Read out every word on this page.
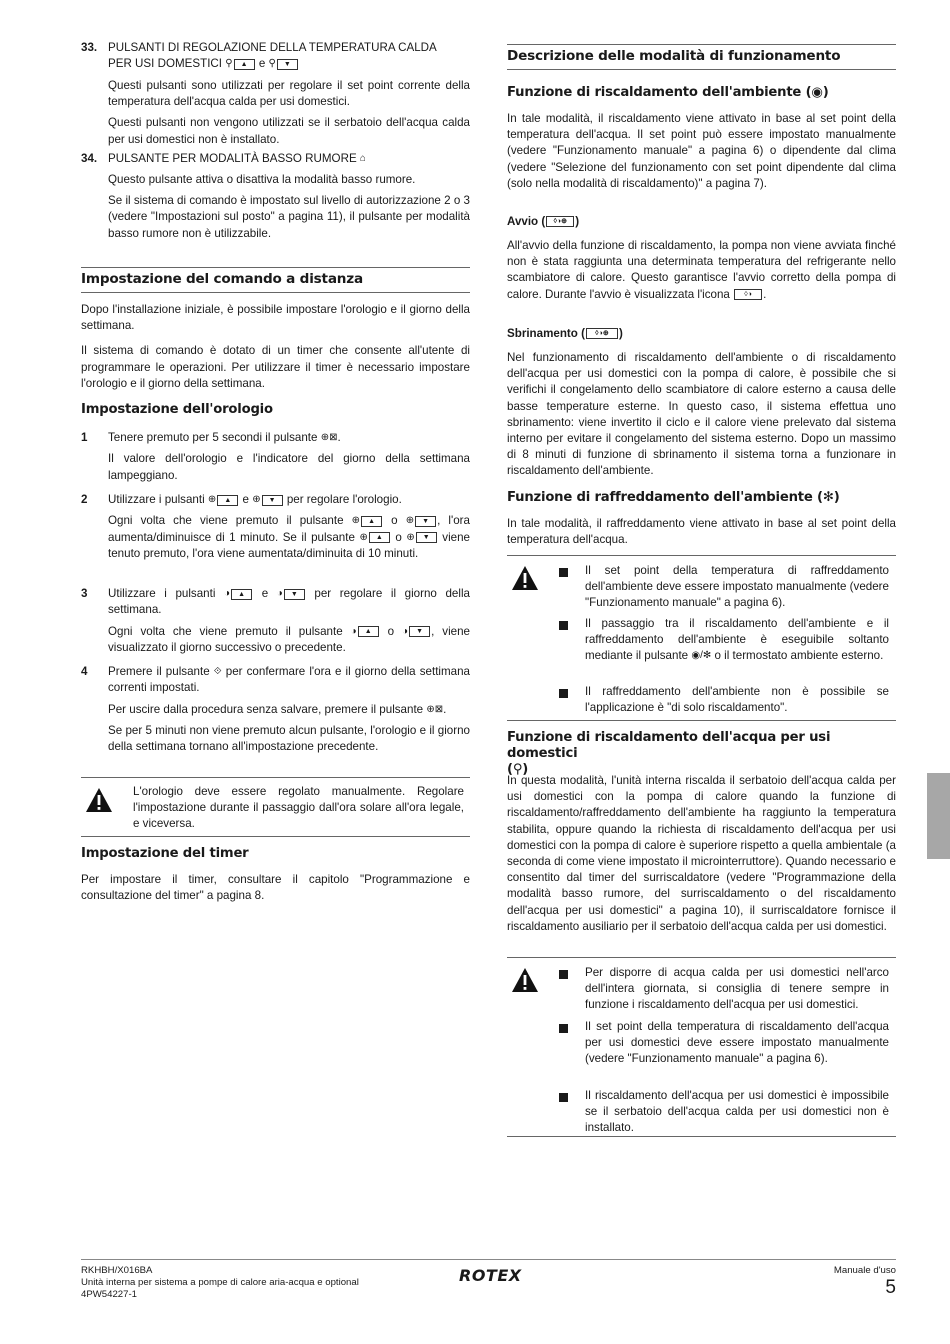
33. PULSANTI DI REGOLAZIONE DELLA TEMPERATURA CALDA
PER USI DOMESTICI ⚲ ▲ e ⚲ ▼

Questi pulsanti sono utilizzati per regolare il set point corrente della temperatura dell'acqua calda per usi domestici.

Questi pulsanti non vengono utilizzati se il serbatoio dell'acqua calda per usi domestici non è installato.

34. PULSANTE PER MODALITÀ BASSO RUMORE ⌂

Questo pulsante attiva o disattiva la modalità basso rumore.

Se il sistema di comando è impostato sul livello di autorizzazione 2 o 3 (vedere "Impostazioni sul posto" a pagina 11), il pulsante per modalità basso rumore non è utilizzabile.

Impostazione del comando a distanza

Dopo l'installazione iniziale, è possibile impostare l'orologio e il giorno della settimana.

Il sistema di comando è dotato di un timer che consente all'utente di programmare le operazioni. Per utilizzare il timer è necessario impostare l'orologio e il giorno della settimana.

Impostazione dell'orologio
1 Tenere premuto per 5 secondi il pulsante ⊕⊠.

Il valore dell'orologio e l'indicatore del giorno della settimana lampeggiano.

2 Utilizzare i pulsanti ⊕ ▲ e ⊕ ▼ per regolare l'orologio.

Ogni volta che viene premuto il pulsante ⊕ ▲ o ⊕ ▼ , l'ora aumenta/diminuisce di 1 minuto. Se il pulsante ⊕ ▲ o ⊕ ▼ viene tenuto premuto, l'ora viene aumentata/diminuita di 10 minuti.

3 Utilizzare i pulsanti ◑ ▲ e ◑ ▼ per regolare il giorno della settimana.

Ogni volta che viene premuto il pulsante ◑ ▲ o ◑ ▼ , viene visualizzato il giorno successivo o precedente.

4 Premere il pulsante ⟐ per confermare l'ora e il giorno della settimana correnti impostati.

Per uscire dalla procedura senza salvare, premere il pulsante ⊕⊠.

Se per 5 minuti non viene premuto alcun pulsante, l'orologio e il giorno della settimana tornano all'impostazione precedente.

L'orologio deve essere regolato manualmente. Regolare l'impostazione durante il passaggio dall'ora solare all'ora legale, e viceversa.

Impostazione del timer

Per impostare il timer, consultare il capitolo "Programmazione e consultazione del timer" a pagina 8.

Descrizione delle modalità di funzionamento
Funzione di riscaldamento dell'ambiente (◉)

In tale modalità, il riscaldamento viene attivato in base al set point della temperatura dell'acqua. Il set point può essere impostato manualmente (vedere "Funzionamento manuale" a pagina 6) o dipendente dal clima (vedere "Selezione del funzionamento con set point dipendente dal clima (solo nella modalità di riscaldamento)" a pagina 7).

Avvio ( ◊◑⊕ )

All'avvio della funzione di riscaldamento, la pompa non viene avviata finché non è stata raggiunta una determinata temperatura del refrigerante nello scambiatore di calore. Questo garantisce l'avvio corretto della pompa di calore. Durante l'avvio è visualizzata l'icona ◊◑ .

Sbrinamento ( ◊◑⊕ )

Nel funzionamento di riscaldamento dell'ambiente o di riscaldamento dell'acqua per usi domestici con la pompa di calore, è possibile che si verifichi il congelamento dello scambiatore di calore esterno a causa delle basse temperature esterne. In questo caso, il sistema effettua uno sbrinamento: viene invertito il ciclo e il calore viene prelevato dal sistema interno per evitare il congelamento del sistema esterno. Dopo un massimo di 8 minuti di funzione di sbrinamento il sistema torna a funzionare in riscaldamento dell'ambiente.

Funzione di raffreddamento dell'ambiente (✻)

In tale modalità, il raffreddamento viene attivato in base al set point della temperatura dell'acqua.

Il set point della temperatura di raffreddamento dell'ambiente deve essere impostato manualmente (vedere "Funzionamento manuale" a pagina 6).

Il passaggio tra il riscaldamento dell'ambiente e il raffreddamento dell'ambiente è eseguibile soltanto mediante il pulsante ◉/✻ o il termostato ambiente esterno.

Il raffreddamento dell'ambiente non è possibile se l'applicazione è "di solo riscaldamento".

Funzione di riscaldamento dell'acqua per usi domestici
(⚲)

In questa modalità, l'unità interna riscalda il serbatoio dell'acqua calda per usi domestici con la pompa di calore quando la funzione di riscaldamento/raffreddamento dell'ambiente ha raggiunto la temperatura stabilita, oppure quando la richiesta di riscaldamento dell'acqua per usi domestici con la pompa di calore è superiore rispetto a quella ambientale (a seconda di come viene impostato il microinterruttore). Quando necessario e consentito dal timer del surriscaldatore (vedere "Programmazione della modalità basso rumore, del surriscaldamento o del riscaldamento dell'acqua per usi domestici" a pagina 10), il surriscaldatore fornisce il riscaldamento ausiliario per il serbatoio dell'acqua calda per usi domestici.

Per disporre di acqua calda per usi domestici nell'arco dell'intera giornata, si consiglia di tenere sempre in funzione i riscaldamento dell'acqua per usi domestici.

Il set point della temperatura di riscaldamento dell'acqua per usi domestici deve essere impostato manualmente (vedere "Funzionamento manuale" a pagina 6).

Il riscaldamento dell'acqua per usi domestici è impossibile se il serbatoio dell'acqua calda per usi domestici non è installato.

RKHBH/X016BA
Unità interna per sistema a pompe di calore aria-acqua e optional
4PW54227-1
ROTEX	Manuale d'uso
5
